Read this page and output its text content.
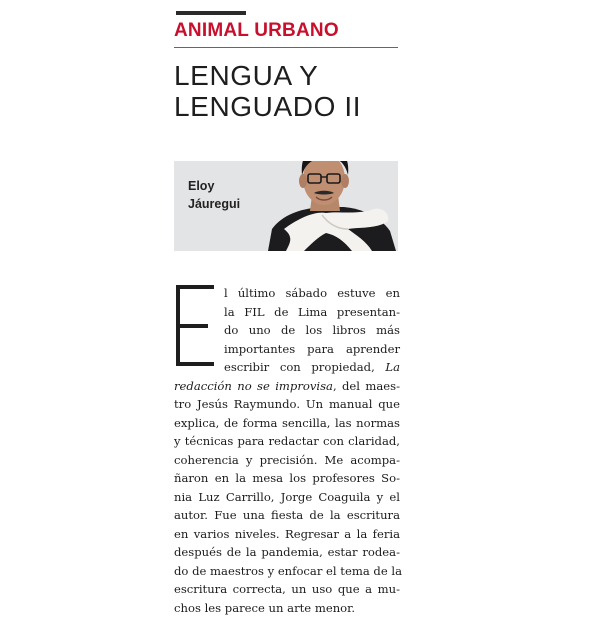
ANIMAL URBANO
LENGUA Y
LENGUADO II
Eloy
Jáuregui
l último sábado estuve en
la FIL de Lima presentan-
do uno de los libros más
importantes para aprender
escribir con propiedad, La
redacción no se improvisa, del maes-
tro Jesús Raymundo. Un manual que
explica, de forma sencilla, las normas
y técnicas para redactar con claridad,
coherencia y precisión. Me acompa-
ñaron en la mesa los profesores So-
nia Luz Carrillo, Jorge Coaguila y el
autor. Fue una fiesta de la escritura
en varios niveles. Regresar a la feria
después de la pandemia, estar rodea-
do de maestros y enfocar el tema de la
escritura correcta, un uso que a mu-
chos les parece un arte menor.
